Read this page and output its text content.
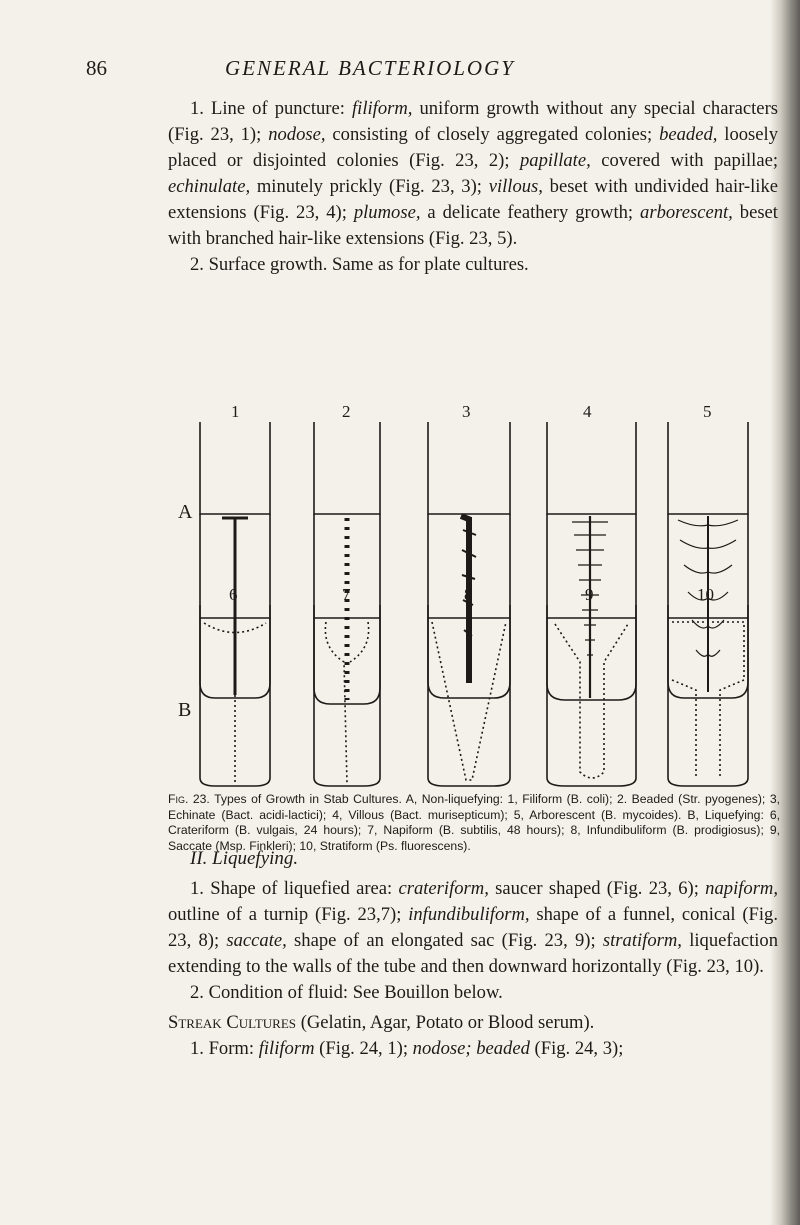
86	GENERAL BACTERIOLOGY

1. Line of puncture: filiform, uniform growth without any special characters (Fig. 23, 1); nodose, consisting of closely aggregated colonies; beaded, loosely placed or disjointed colonies (Fig. 23, 2); papillate, covered with papillae; echinulate, minutely prickly (Fig. 23, 3); villous, beset with undivided hair-like extensions (Fig. 23, 4); plumose, a delicate feathery growth; arborescent, beset with branched hair-like extensions (Fig. 23, 5).

2. Surface growth. Same as for plate cultures.

A
B
1	2	3	4	5
6	7	8	9	10
Fig. 23. Types of Growth in Stab Cultures. A, Non-liquefying: 1, Filiform (B. coli); 2. Beaded (Str. pyogenes); 3, Echinate (Bact. acidi-lactici); 4, Villous (Bact. murisepticum); 5, Arborescent (B. mycoides). B, Liquefying: 6, Crateriform (B. vulgais, 24 hours); 7, Napiform (B. subtilis, 48 hours); 8, Infundibuliform (B. prodigiosus); 9, Saccate (Msp. Finkleri); 10, Stratiform (Ps. fluorescens).
II. Liquefying.

1. Shape of liquefied area: crateriform, saucer shaped (Fig. 23, 6); napiform, outline of a turnip (Fig. 23,7); infundibuliform, shape of a funnel, conical (Fig. 23, 8); saccate, shape of an elongated sac (Fig. 23, 9); stratiform, liquefaction extending to the walls of the tube and then downward horizontally (Fig. 23, 10).

2. Condition of fluid: See Bouillon below.

Streak Cultures (Gelatin, Agar, Potato or Blood serum).

1. Form: filiform (Fig. 24, 1); nodose; beaded (Fig. 24, 3);
